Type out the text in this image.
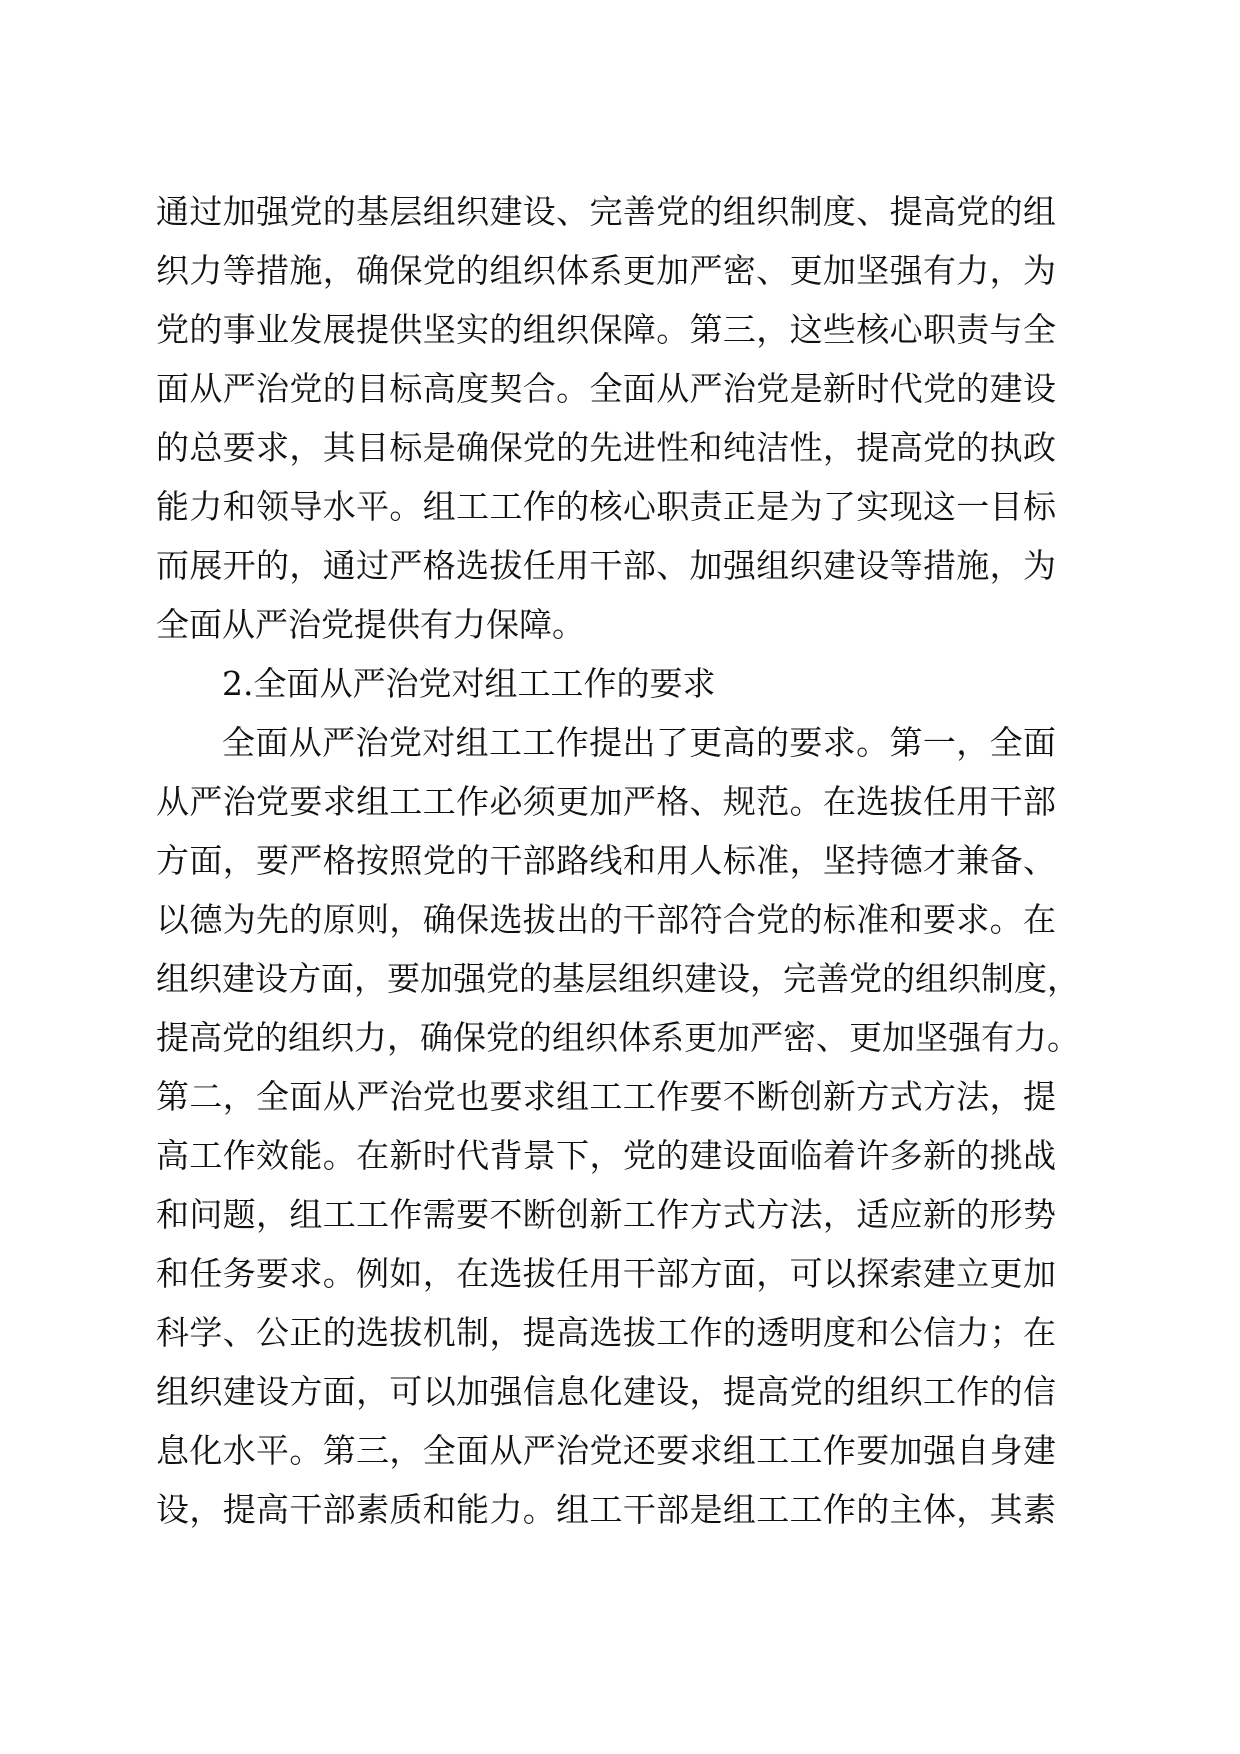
通过加强党的基层组织建设、完善党的组织制度、提高党的组
织力等措施，确保党的组织体系更加严密、更加坚强有力，为
党的事业发展提供坚实的组织保障。第三，这些核心职责与全
面从严治党的目标高度契合。全面从严治党是新时代党的建设
的总要求，其目标是确保党的先进性和纯洁性，提高党的执政
能力和领导水平。组工工作的核心职责正是为了实现这一目标
而展开的，通过严格选拔任用干部、加强组织建设等措施，为
全面从严治党提供有力保障。
2.全面从严治党对组工工作的要求
全面从严治党对组工工作提出了更高的要求。第一，全面
从严治党要求组工工作必须更加严格、规范。在选拔任用干部
方面，要严格按照党的干部路线和用人标准，坚持德才兼备、
以德为先的原则，确保选拔出的干部符合党的标准和要求。在
组织建设方面，要加强党的基层组织建设，完善党的组织制度，
提高党的组织力，确保党的组织体系更加严密、更加坚强有力。
第二，全面从严治党也要求组工工作要不断创新方式方法，提
高工作效能。在新时代背景下，党的建设面临着许多新的挑战
和问题，组工工作需要不断创新工作方式方法，适应新的形势
和任务要求。例如，在选拔任用干部方面，可以探索建立更加
科学、公正的选拔机制，提高选拔工作的透明度和公信力；在
组织建设方面，可以加强信息化建设，提高党的组织工作的信
息化水平。第三，全面从严治党还要求组工工作要加强自身建
设，提高干部素质和能力。组工干部是组工工作的主体，其素
